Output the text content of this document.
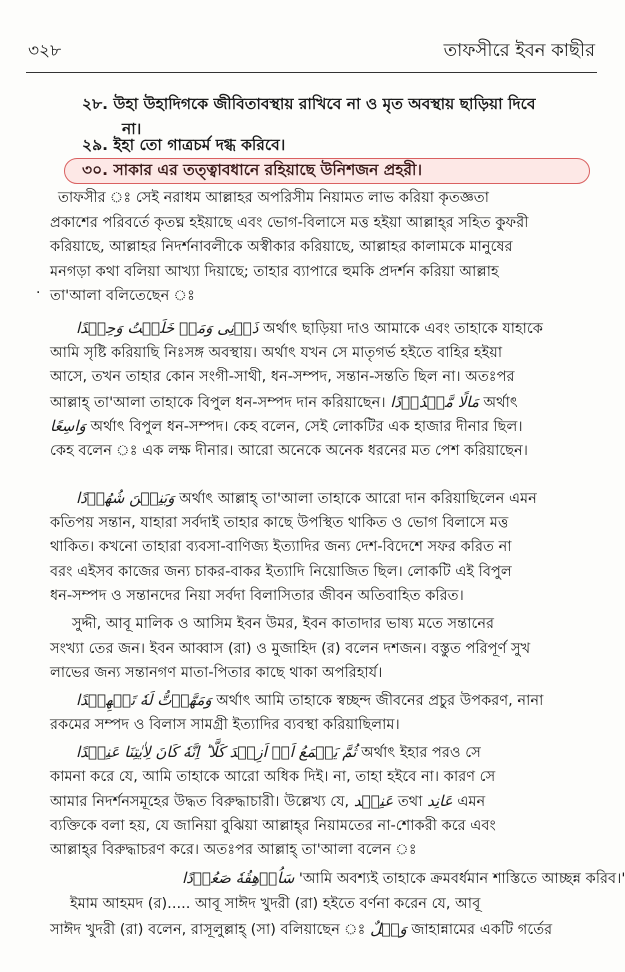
৩২৮	তাফসীরে ইবন কাছীর
২৮. উহা উহাদিগকে জীবিতাবস্থায় রাখিবে না ও মৃত অবস্থায় ছাড়িয়া দিবে
না।
২৯. ইহা তো গাত্রচর্ম দগ্ধ করিবে।
৩০. সাকার এর তত্ত্বাবধানে রহিয়াছে উনিশজন প্রহরী।
তাফসীর ঃ সেই নরাধম আল্লাহর অপরিসীম নিয়ামত লাভ করিয়া কৃতজ্ঞতা
প্রকাশের পরিবর্তে কৃতঘ্ন হইয়াছে এবং ভোগ-বিলাসে মত্ত হইয়া আল্লাহ্‌র সহিত কুফরী
করিয়াছে, আল্লাহর নিদর্শনাবলীকে অস্বীকার করিয়াছে, আল্লাহর কালামকে মানুষের
মনগড়া কথা বলিয়া আখ্যা দিয়াছে; তাহার ব্যাপারে হুমকি প্রদর্শন করিয়া আল্লাহ
তা'আলা বলিতেছেন ঃ
·
ذَرۡنِی وَمَنۡ خَلَقۡتُ وَحِیۡدًا অর্থাৎ ছাড়িয়া দাও আমাকে এবং তাহাকে যাহাকে
আমি সৃষ্টি করিয়াছি নিঃসঙ্গ অবস্থায়। অর্থাৎ যখন সে মাতৃগর্ভ হইতে বাহির হইয়া
আসে, তখন তাহার কোন সংগী-সাথী, ধন-সম্পদ, সন্তান-সন্ততি ছিল না। অতঃপর
আল্লাহ্‌ তা'আলা তাহাকে বিপুল ধন-সম্পদ দান করিয়াছেন। مَالًا مَّمۡدُوۡدًا অর্থাৎ
وَاسِعًا অর্থাৎ বিপুল ধন-সম্পদ। কেহ বলেন, সেই লোকটির এক হাজার দীনার ছিল।
কেহ বলেন ঃ এক লক্ষ দীনার। আরো অনেকে অনেক ধরনের মত পেশ করিয়াছেন।
وَبَنِیۡنَ شُهُوۡدًا অর্থাৎ আল্লাহ্‌ তা'আলা তাহাকে আরো দান করিয়াছিলেন এমন
কতিপয় সন্তান, যাহারা সর্বদাই তাহার কাছে উপস্থিত থাকিত ও ভোগ বিলাসে মত্ত
থাকিত। কখনো তাহারা ব্যবসা-বাণিজ্য ইত্যাদির জন্য দেশ-বিদেশে সফর করিত না
বরং এইসব কাজের জন্য চাকর-বাকর ইত্যাদি নিয়োজিত ছিল। লোকটি এই বিপুল
ধন-সম্পদ ও সন্তানদের নিয়া সর্বদা বিলাসিতার জীবন অতিবাহিত করিত।
সুদ্দী, আবূ মালিক ও আসিম ইবন উমর, ইবন কাতাদার ভাষ্য মতে সন্তানের
সংখ্যা তের জন। ইবন আব্বাস (রা) ও মুজাহিদ (র) বলেন দশজন। বস্তুত পরিপূর্ণ সুখ
লাভের জন্য সন্তানগণ মাতা-পিতার কাছে থাকা অপরিহার্য।
وَمَهَّدۡتُّ لَهٗ تَمۡهِیۡدًا অর্থাৎ আমি তাহাকে স্বচ্ছন্দ জীবনের প্রচুর উপকরণ, নানা
রকমের সম্পদ ও বিলাস সামগ্রী ইত্যাদির ব্যবস্থা করিয়াছিলাম।
ثُمَّ یَطۡمَعُ اَنۡ اَزِیۡدَ كَلَّا ؕ اِنَّهٗ كَانَ لِاٰیٰتِنَا عَنِیۡدًا অর্থাৎ ইহার পরও সে
কামনা করে যে, আমি তাহাকে আরো অধিক দিই। না, তাহা হইবে না। কারণ সে
আমার নিদর্শনসমূহের উদ্ধত বিরুদ্ধাচারী। উল্লেখ্য যে, عَنِیۡد তথা عَانِد এমন
ব্যক্তিকে বলা হয়, যে জানিয়া বুঝিয়া আল্লাহ্‌র নিয়ামতের না-শোকরী করে এবং
আল্লাহ্‌র বিরুদ্ধাচরণ করে। অতঃপর আল্লাহ্‌ তা'আলা বলেন ঃ
سَاُرۡهِقُهٗ صَعُوۡدًا 'আমি অবশ্যই তাহাকে ক্রমবর্ধমান শাস্তিতে আচ্ছন্ন করিব।'
ইমাম আহমদ (র)..... আবূ সাঈদ খুদরী (রা) হইতে বর্ণনা করেন যে, আবূ
সাঈদ খুদরী (রা) বলেন, রাসূলুল্লাহ্‌ (সা) বলিয়াছেন ঃ وَیۡلٌ জাহান্নামের একটি গর্তের
